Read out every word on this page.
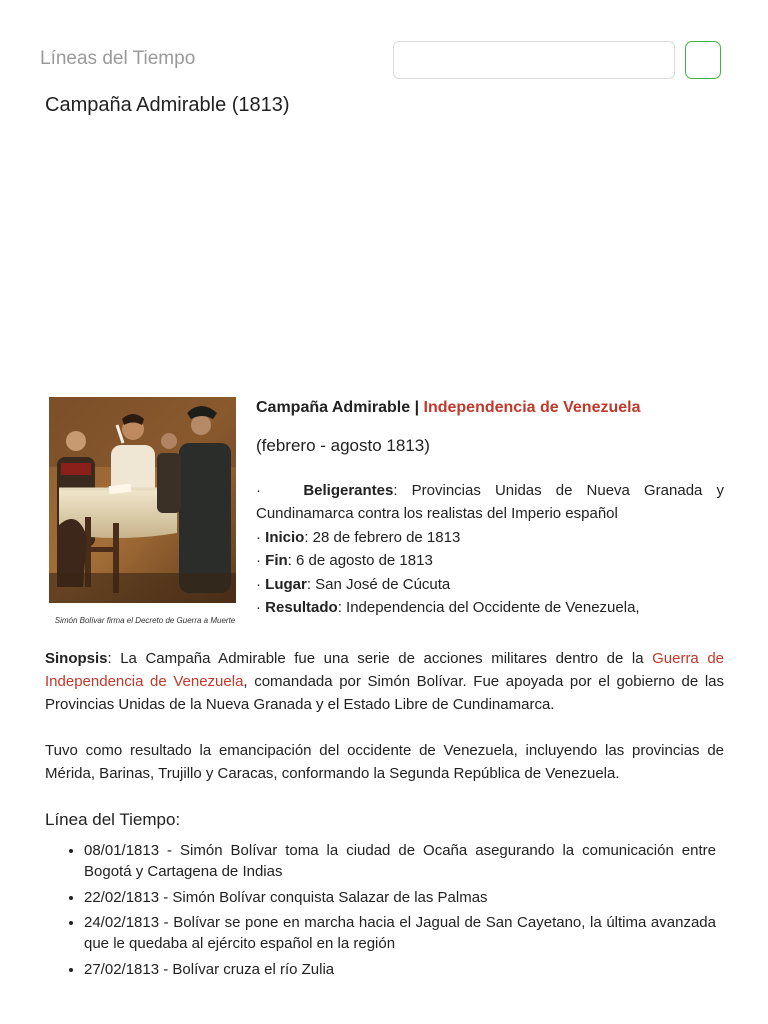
Líneas del Tiempo
Campaña Admirable (1813)
Simón Bolívar firma el Decreto de Guerra a Muerte

Campaña Admirable | Independencia de Venezuela

(febrero - agosto 1813)
·	Beligerantes: Provincias Unidas de Nueva Granada y Cundinamarca contra los realistas del Imperio español
· Inicio: 28 de febrero de 1813
· Fin: 6 de agosto de 1813
· Lugar: San José de Cúcuta
· Resultado: Independencia del Occidente de Venezuela,

Sinopsis: La Campaña Admirable fue una serie de acciones militares dentro de la Guerra de Independencia de Venezuela, comandada por Simón Bolívar. Fue apoyada por el gobierno de las Provincias Unidas de la Nueva Granada y el Estado Libre de Cundinamarca.

Tuvo como resultado la emancipación del occidente de Venezuela, incluyendo las provincias de Mérida, Barinas, Trujillo y Caracas, conformando la Segunda República de Venezuela.

Línea del Tiempo:
• 08/01/1813 - Simón Bolívar toma la ciudad de Ocaña asegurando la comunicación entre Bogotá y Cartagena de Indias
• 22/02/1813 - Simón Bolívar conquista Salazar de las Palmas
• 24/02/1813 - Bolívar se pone en marcha hacia el Jagual de San Cayetano, la última avanzada que le quedaba al ejército español en la región
• 27/02/1813 - Bolívar cruza el río Zulia
